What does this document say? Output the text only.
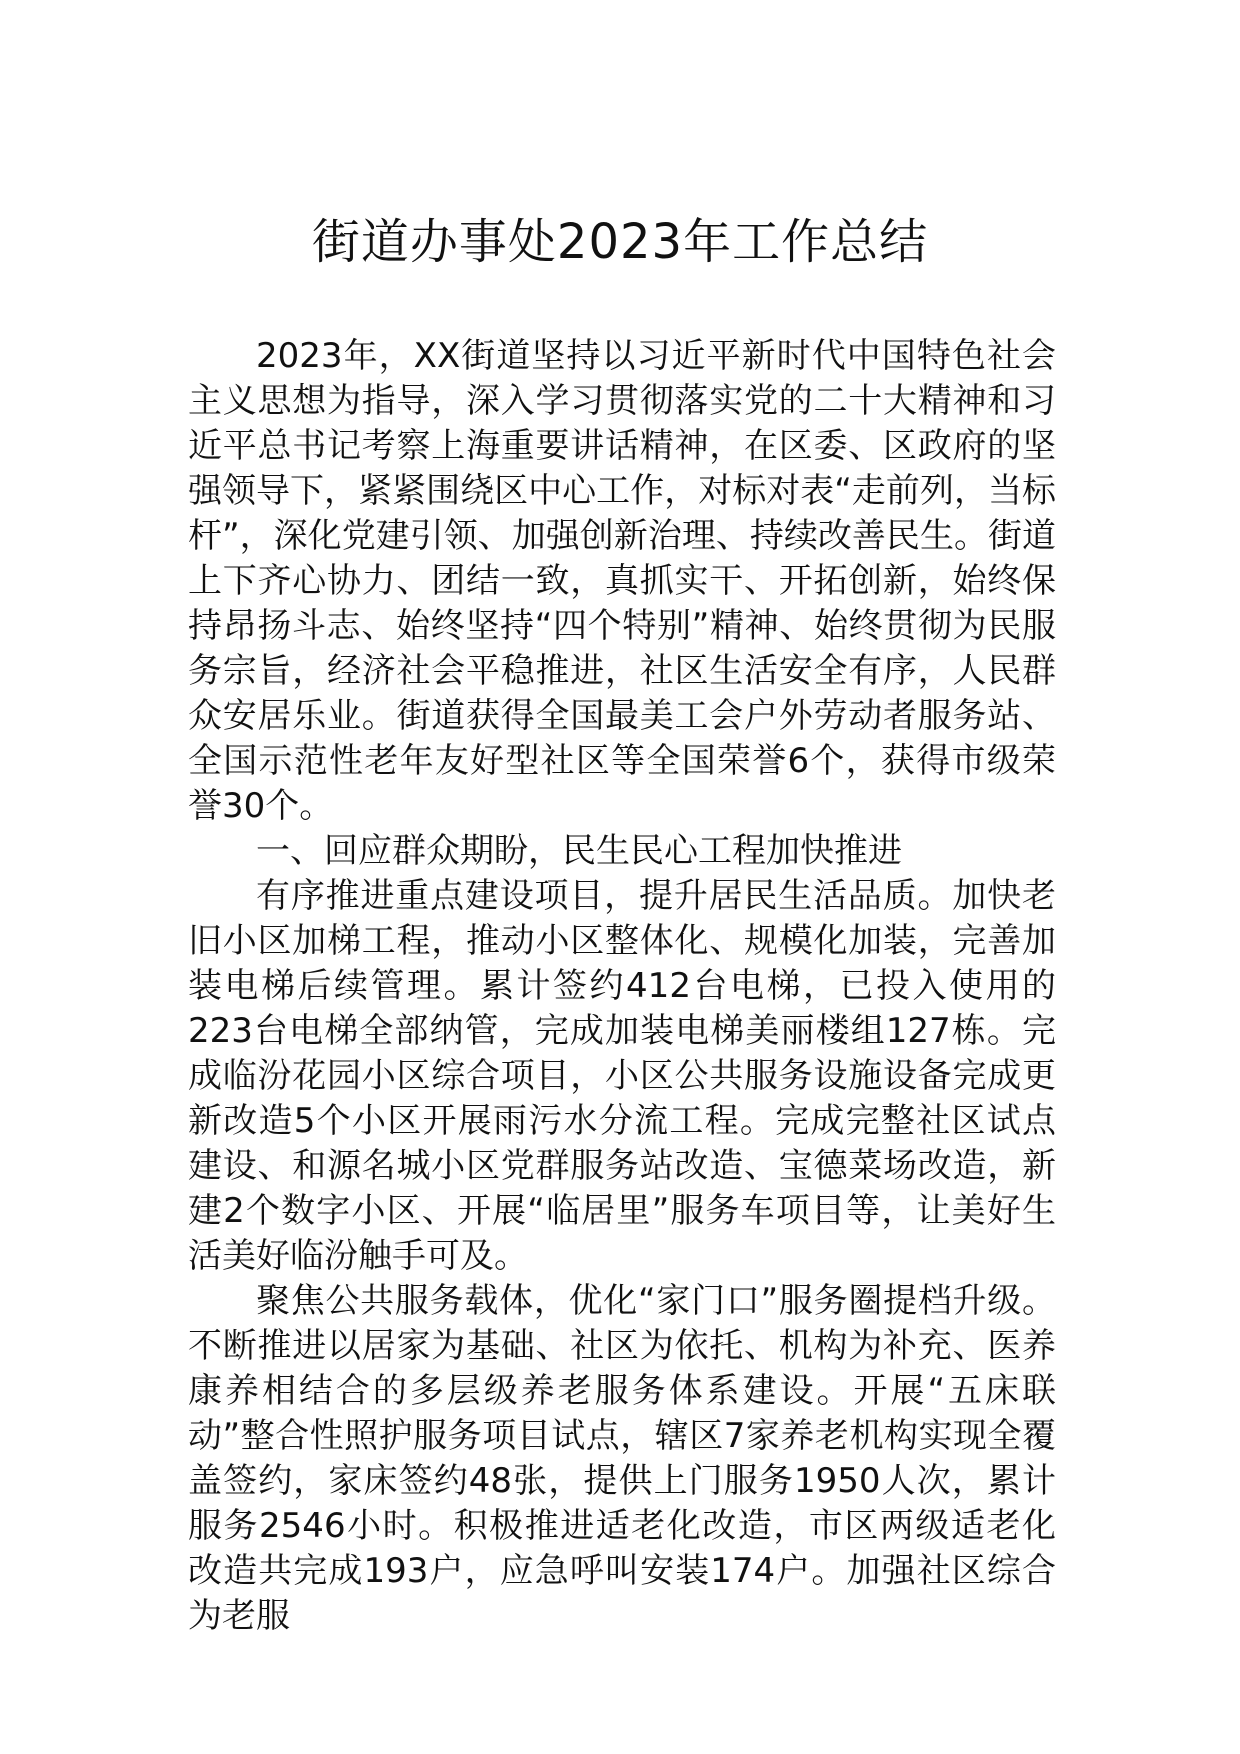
街道办事处2023年工作总结

2023年，XX街道坚持以习近平新时代中国特色社会主义思想为指导，深入学习贯彻落实党的二十大精神和习近平总书记考察上海重要讲话精神，在区委、区政府的坚强领导下，紧紧围绕区中心工作，对标对表“走前列，当标杆”，深化党建引领、加强创新治理、持续改善民生。街道上下齐心协力、团结一致，真抓实干、开拓创新，始终保持昂扬斗志、始终坚持“四个特别”精神、始终贯彻为民服务宗旨，经济社会平稳推进，社区生活安全有序，人民群众安居乐业。街道获得全国最美工会户外劳动者服务站、全国示范性老年友好型社区等全国荣誉6个，获得市级荣誉30个。

一、回应群众期盼，民生民心工程加快推进

有序推进重点建设项目，提升居民生活品质。加快老旧小区加梯工程，推动小区整体化、规模化加装，完善加装电梯后续管理。累计签约412台电梯，已投入使用的223台电梯全部纳管，完成加装电梯美丽楼组127栋。完成临汾花园小区综合项目，小区公共服务设施设备完成更新改造5个小区开展雨污水分流工程。完成完整社区试点建设、和源名城小区党群服务站改造、宝德菜场改造，新建2个数字小区、开展“临居里”服务车项目等，让美好生活美好临汾触手可及。

聚焦公共服务载体，优化“家门口”服务圈提档升级。不断推进以居家为基础、社区为依托、机构为补充、医养康养相结合的多层级养老服务体系建设。开展“五床联动”整合性照护服务项目试点，辖区7家养老机构实现全覆盖签约，家床签约48张，提供上门服务1950人次，累计服务2546小时。积极推进适老化改造，市区两级适老化改造共完成193户，应急呼叫安装174户。加强社区综合为老服
